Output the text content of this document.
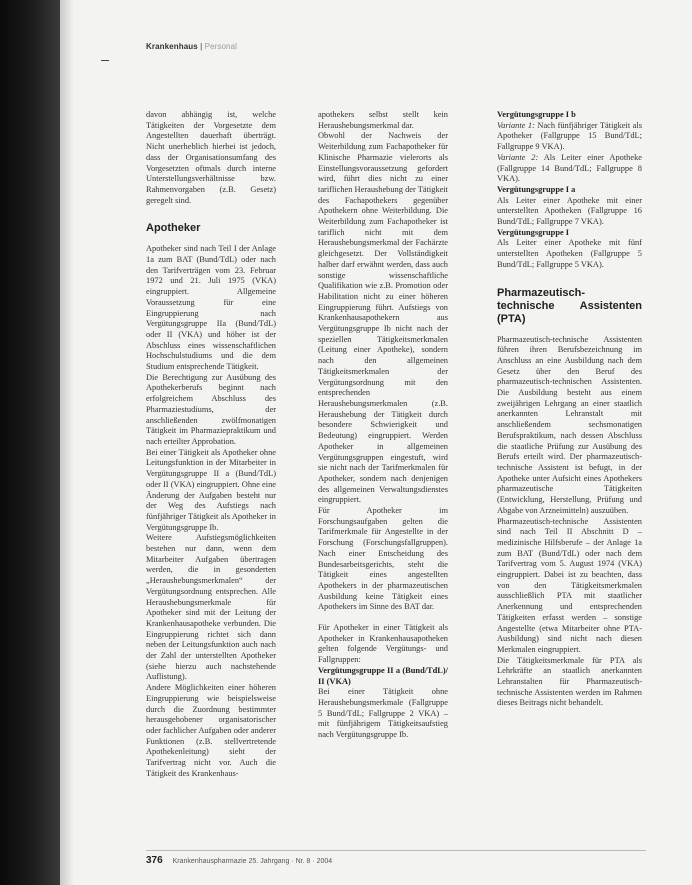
Krankenhaus | Personal

davon abhängig ist, welche Tätigkeiten der Vorgesetzte dem Angestellten dauerhaft überträgt. Nicht unerheblich hierbei ist jedoch, dass der Organisationsumfang des Vorgesetzten oftmals durch interne Unterstellungsverhältnisse bzw. Rahmenvorgaben (z.B. Gesetz) geregelt sind.

Apotheker

Apotheker sind nach Teil I der Anlage 1a zum BAT (Bund/TdL) oder nach den Tarifverträgen vom 23. Februar 1972 und 21. Juli 1975 (VKA) eingruppiert. Allgemeine Voraussetzung für eine Eingruppierung nach Vergütungsgruppe IIa (Bund/TdL) oder II (VKA) und höher ist der Abschluss eines wissenschaftlichen Hochschulstudiums und die dem Studium entsprechende Tätigkeit.

Die Berechtigung zur Ausübung des Apothekerberufs beginnt nach erfolgreichem Abschluss des Pharmaziestudiums, der anschließenden zwölfmonatigen Tätigkeit im Pharmaziepraktikum und nach erteilter Approbation.

Bei einer Tätigkeit als Apotheker ohne Leitungsfunktion in der Mitarbeiter in Vergütungsgruppe II a (Bund/TdL) oder II (VKA) eingruppiert. Ohne eine Änderung der Aufgaben besteht nur der Weg des Aufstiegs nach fünfjähriger Tätigkeit als Apotheker in Vergütungsgruppe Ib.

Weitere Aufstiegsmöglichkeiten bestehen nur dann, wenn dem Mitarbeiter Aufgaben übertragen werden, die in gesonderten „Heraushebungsmerkmalen“ der Vergütungsordnung entsprechen. Alle Heraushebungsmerkmale für Apotheker sind mit der Leitung der Krankenhausapotheke verbunden. Die Eingruppierung richtet sich dann neben der Leitungsfunktion auch nach der Zahl der unterstellten Apotheker (siehe hierzu auch nachstehende Auflistung).

Andere Möglichkeiten einer höheren Eingruppierung wie beispielsweise durch die Zuordnung bestimmter herausgehobener organisatorischer oder fachlicher Aufgaben oder anderer Funktionen (z.B. stellvertretende Apothekenleitung) sieht der Tarifvertrag nicht vor. Auch die Tätigkeit des Krankenhaus-

apothekers selbst stellt kein Heraushebungsmerkmal dar.

Obwohl der Nachweis der Weiterbildung zum Fachapotheker für Klinische Pharmazie vielerorts als Einstellungsvoraussetzung gefordert wird, führt dies nicht zu einer tariflichen Heraushebung der Tätigkeit des Fachapothekers gegenüber Apothekern ohne Weiterbildung. Die Weiterbildung zum Fachapotheker ist tariflich nicht mit dem Heraushebungsmerkmal der Fachärzte gleichgesetzt. Der Vollständigkeit halber darf erwähnt werden, dass auch sonstige wissenschaftliche Qualifikation wie z.B. Promotion oder Habilitation nicht zu einer höheren Eingruppierung führt. Aufstiegs von Krankenhausapothekern aus Vergütungsgruppe Ib nicht nach der speziellen Tätigkeitsmerkmalen (Leitung einer Apotheke), sondern nach den allgemeinen Tätigkeitsmerkmalen der Vergütungsordnung mit den entsprechenden Heraushebungsmerkmalen (z.B. Heraushebung der Tätigkeit durch besondere Schwierigkeit und Bedeutung) eingruppiert. Werden Apotheker in allgemeinen Vergütungsgruppen eingestuft, wird sie nicht nach der Tarifmerkmalen für Apotheker, sondern nach denjenigen des allgemeinen Verwaltungsdienstes eingruppiert.

Für Apotheker im Forschungsaufgaben gelten die Tarifmerkmale für Angestellte in der Forschung (Forschungsfallgruppen). Nach einer Entscheidung des Bundesarbeitsgerichts, steht die Tätigkeit eines angestellten Apothekers in der pharmazeutischen Ausbildung keine Tätigkeit eines Apothekers im Sinne des BAT dar.

Für Apotheker in einer Tätigkeit als Apotheker in Krankenhausapotheken gelten folgende Vergütungs- und Fallgruppen:

Vergütungsgruppe II a (Bund/TdL)/ II (VKA)

Bei einer Tätigkeit ohne Heraushebungsmerkmale (Fallgruppe 5 Bund/TdL; Fallgruppe 2 VKA) – mit fünfjährigem Tätigkeitsaufstieg nach Vergütungsgruppe Ib.

Vergütungsgruppe I b

Variante 1: Nach fünfjähriger Tätigkeit als Apotheker (Fallgruppe 15 Bund/TdL; Fallgruppe 9 VKA).

Variante 2: Als Leiter einer Apotheke (Fallgruppe 14 Bund/TdL; Fallgruppe 8 VKA).

Vergütungsgruppe I a

Als Leiter einer Apotheke mit einer unterstellten Apotheken (Fallgruppe 16 Bund/TdL; Fallgruppe 7 VKA).

Vergütungsgruppe I

Als Leiter einer Apotheke mit fünf unterstellten Apotheken (Fallgruppe 5 Bund/TdL; Fallgruppe 5 VKA).

Pharmazeutisch-technische Assistenten (PTA)

Pharmazeutisch-technische Assistenten führen ihren Berufsbezeichnung im Anschluss an eine Ausbildung nach dem Gesetz über den Beruf des pharmazeutisch-technischen Assistenten. Die Ausbildung besteht aus einem zweijährigen Lehrgang an einer staatlich anerkannten Lehranstalt mit anschließendem sechsmonatigen Berufspraktikum, nach dessen Abschluss die staatliche Prüfung zur Ausübung des Berufs erteilt wird. Der pharmazeutisch-technische Assistent ist befugt, in der Apotheke unter Aufsicht eines Apothekers pharmazeutische Tätigkeiten (Entwicklung, Herstellung, Prüfung und Abgabe von Arzneimitteln) auszuüben.

Pharmazeutisch-technische Assistenten sind nach Teil II Abschnitt D – medizinische Hilfsberufe – der Anlage 1a zum BAT (Bund/TdL) oder nach dem Tarifvertrag vom 5. August 1974 (VKA) eingruppiert. Dabei ist zu beachten, dass von den Tätigkeitsmerkmalen ausschließlich PTA mit staatlicher Anerkennung und entsprechenden Tätigkeiten erfasst werden – sonstige Angestellte (etwa Mitarbeiter ohne PTA-Ausbildung) sind nicht nach diesen Merkmalen eingruppiert.

Die Tätigkeitsmerkmale für PTA als Lehrkräfte an staatlich anerkannten Lehranstalten für Pharmazeutisch-technische Assistenten werden im Rahmen dieses Beitrags nicht behandelt.

376 Krankenhauspharmazie 25. Jahrgang · Nr. 8 · 2004
